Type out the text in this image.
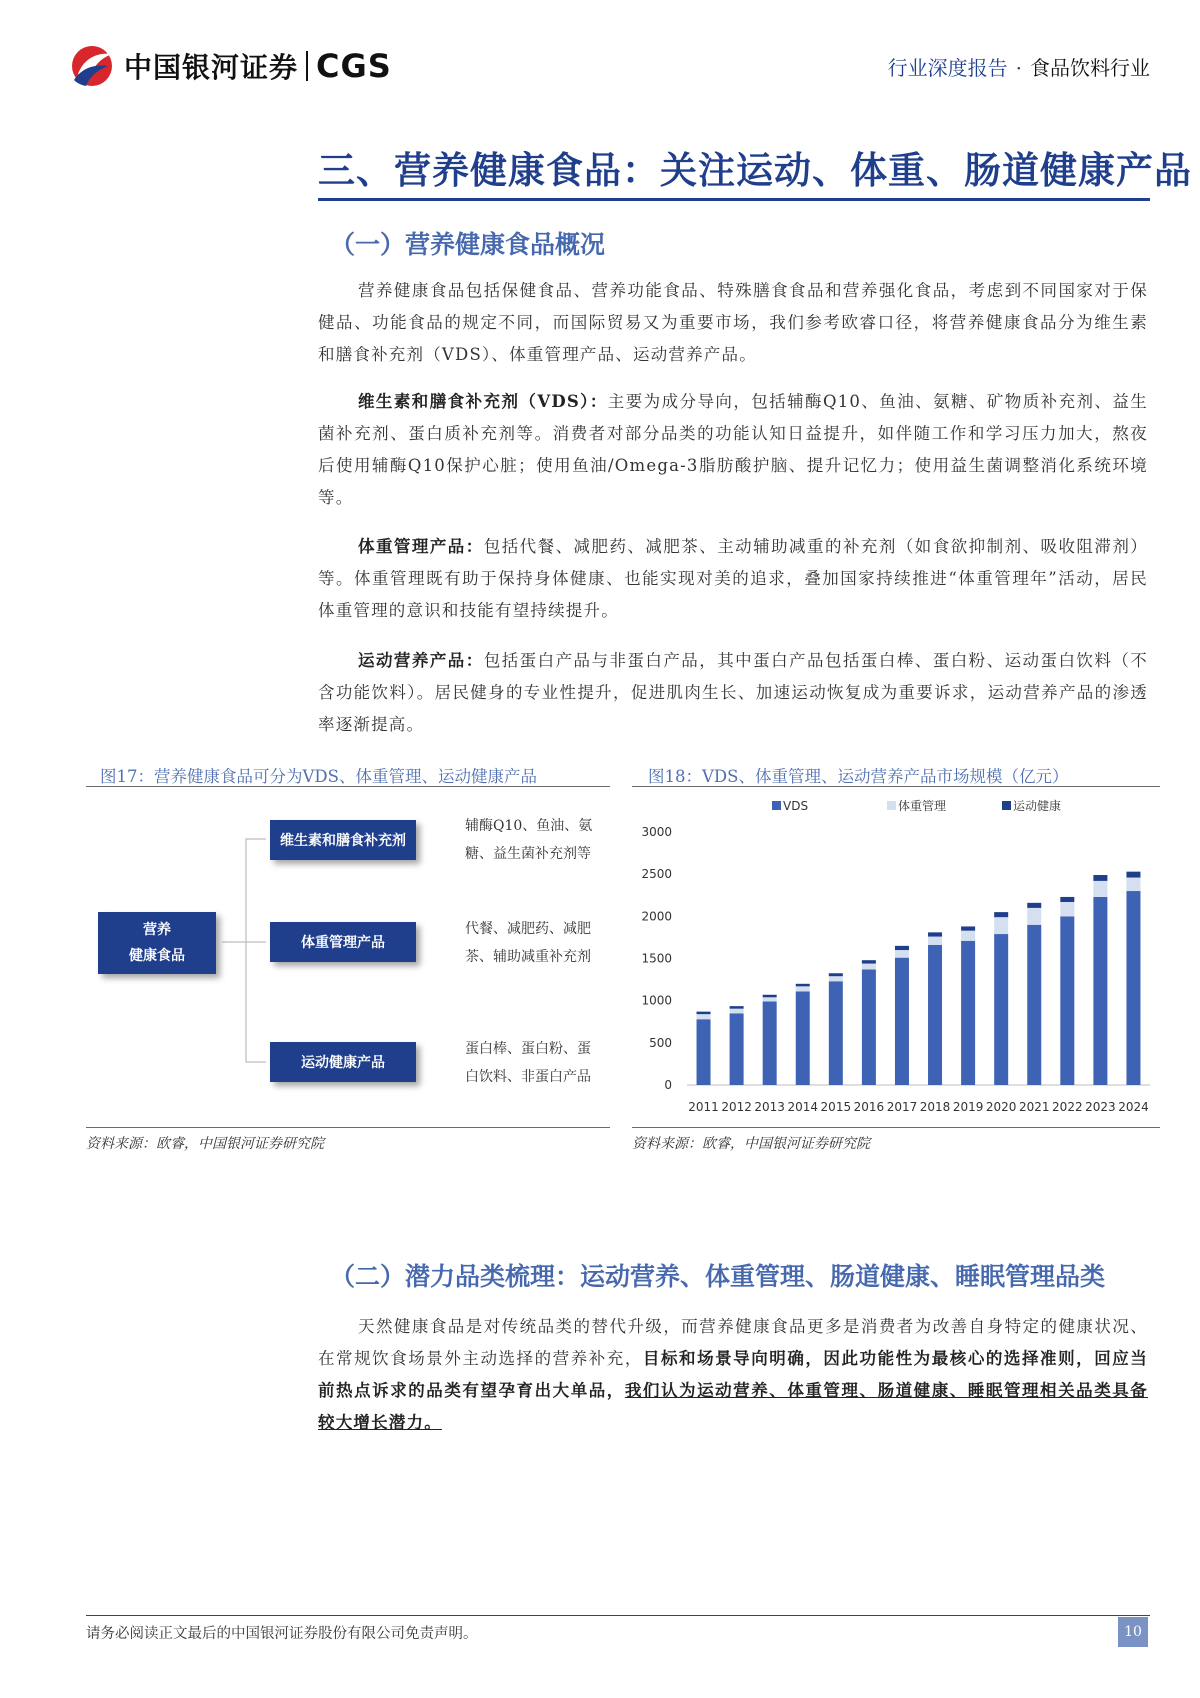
中国银河证券 CGS	行业深度报告 · 食品饮料行业
三、营养健康食品：关注运动、体重、肠道健康产品
（一）营养健康食品概况
营养健康食品包括保健食品、营养功能食品、特殊膳食食品和营养强化食品，考虑到不同国家对于保健品、功能食品的规定不同，而国际贸易又为重要市场，我们参考欧睿口径，将营养健康食品分为维生素和膳食补充剂（VDS）、体重管理产品、运动营养产品。
维生素和膳食补充剂（VDS）：主要为成分导向，包括辅酶Q10、鱼油、氨糖、矿物质补充剂、益生菌补充剂、蛋白质补充剂等。消费者对部分品类的功能认知日益提升，如伴随工作和学习压力加大，熬夜后使用辅酶Q10保护心脏；使用鱼油/Omega-3脂肪酸护脑、提升记忆力；使用益生菌调整消化系统环境等。
体重管理产品：包括代餐、减肥药、减肥茶、主动辅助减重的补充剂（如食欲抑制剂、吸收阻滞剂）等。体重管理既有助于保持身体健康、也能实现对美的追求，叠加国家持续推进“体重管理年”活动，居民体重管理的意识和技能有望持续提升。
运动营养产品：包括蛋白产品与非蛋白产品，其中蛋白产品包括蛋白棒、蛋白粉、运动蛋白饮料（不含功能饮料）。居民健身的专业性提升，促进肌肉生长、加速运动恢复成为重要诉求，运动营养产品的渗透率逐渐提高。
图17：营养健康食品可分为VDS、体重管理、运动健康产品
营养
健康食品
维生素和膳食补充剂
体重管理产品
运动健康产品
辅酶Q10、鱼油、氨
糖、益生菌补充剂等
代餐、减肥药、减肥
茶、辅助减重补充剂
蛋白棒、蛋白粉、蛋
白饮料、非蛋白产品
资料来源：欧睿，中国银河证券研究院
图18：VDS、体重管理、运动营养产品市场规模（亿元）
VDS	体重管理	运动健康
0
500
1000
1500
2000
2500
3000
2011 2012 2013 2014 2015 2016 2017 2018 2019 2020 2021 2022 2023 2024
资料来源：欧睿，中国银河证券研究院
（二）潜力品类梳理：运动营养、体重管理、肠道健康、睡眠管理品类
天然健康食品是对传统品类的替代升级，而营养健康食品更多是消费者为改善自身特定的健康状况、在常规饮食场景外主动选择的营养补充，目标和场景导向明确，因此功能性为最核心的选择准则，回应当前热点诉求的品类有望孕育出大单品，我们认为运动营养、体重管理、肠道健康、睡眠管理相关品类具备较大增长潜力。
请务必阅读正文最后的中国银河证券股份有限公司免责声明。	10
